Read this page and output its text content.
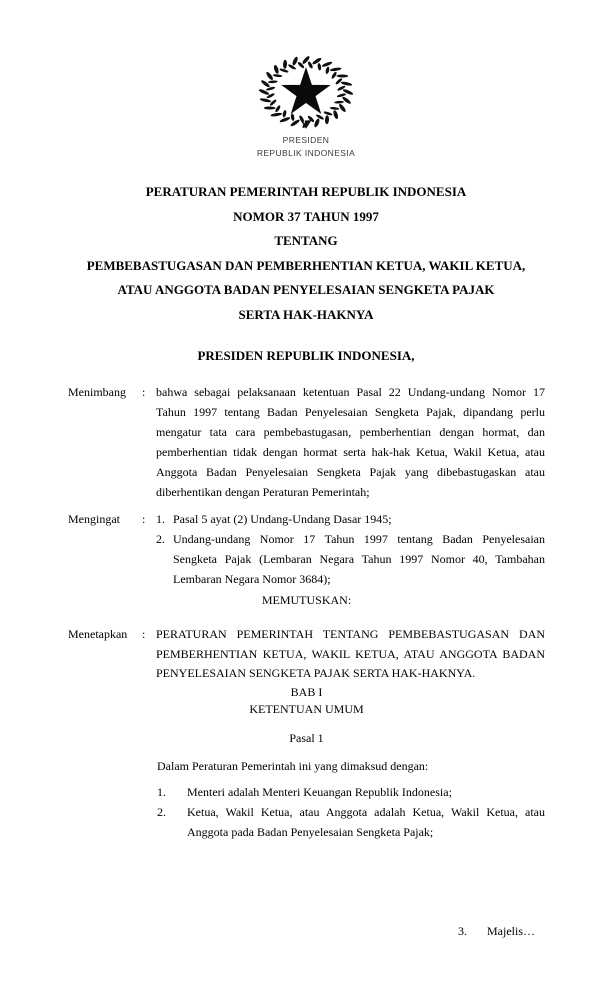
PRESIDEN
REPUBLIK INDONESIA
PERATURAN PEMERINTAH REPUBLIK INDONESIA
NOMOR 37 TAHUN 1997
TENTANG
PEMBEBASTUGASAN DAN PEMBERHENTIAN KETUA, WAKIL KETUA,
ATAU ANGGOTA BADAN PENYELESAIAN SENGKETA PAJAK
SERTA HAK-HAKNYA
PRESIDEN REPUBLIK INDONESIA,
Menimbang	: bahwa sebagai pelaksanaan ketentuan Pasal 22 Undang-undang Nomor 17 Tahun 1997 tentang Badan Penyelesaian Sengketa Pajak, dipandang perlu mengatur tata cara pembebastugasan, pemberhentian dengan hormat, dan pemberhentian tidak dengan hormat serta hak-hak Ketua, Wakil Ketua, atau Anggota Badan Penyelesaian Sengketa Pajak yang dibebastugaskan atau diberhentikan dengan Peraturan Pemerintah;
Mengingat	: 1. Pasal 5 ayat (2) Undang-Undang Dasar 1945;
2. Undang-undang Nomor 17 Tahun 1997 tentang Badan Penyelesaian Sengketa Pajak (Lembaran Negara Tahun 1997 Nomor 40, Tambahan Lembaran Negara Nomor 3684);
MEMUTUSKAN:
Menetapkan	: PERATURAN PEMERINTAH TENTANG PEMBEBASTUGASAN DAN PEMBERHENTIAN KETUA, WAKIL KETUA, ATAU ANGGOTA BADAN PENYELESAIAN SENGKETA PAJAK SERTA HAK-HAKNYA.
BAB I
KETENTUAN UMUM
Pasal 1
Dalam Peraturan Pemerintah ini yang dimaksud dengan:
1.	Menteri adalah Menteri Keuangan Republik Indonesia;
2.	Ketua, Wakil Ketua, atau Anggota adalah Ketua, Wakil Ketua, atau Anggota pada Badan Penyelesaian Sengketa Pajak;
3.	Majelis…
